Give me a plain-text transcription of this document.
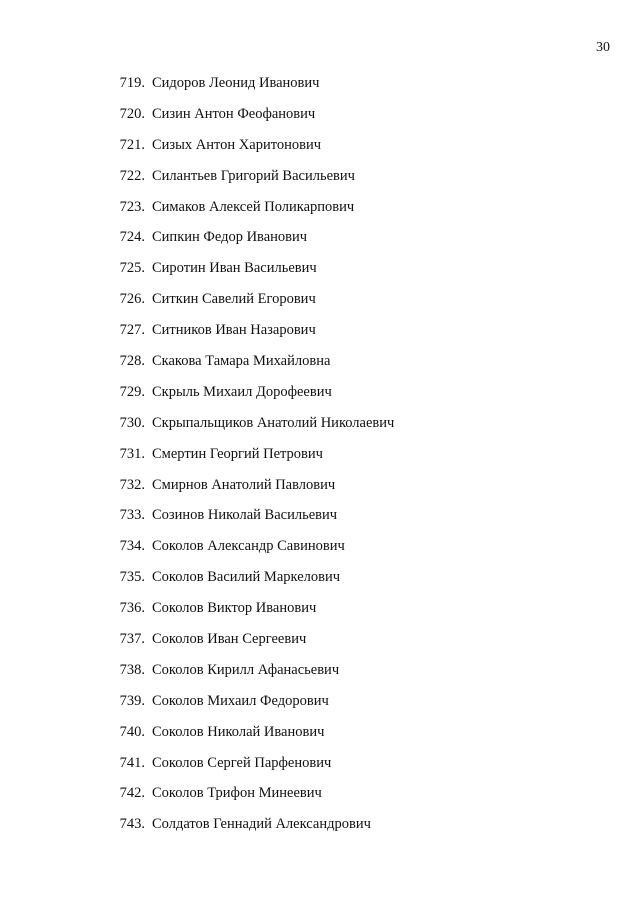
30
719. Сидоров Леонид Иванович
720. Сизин Антон Феофанович
721. Сизых Антон Харитонович
722. Силантьев Григорий Васильевич
723. Симаков Алексей Поликарпович
724. Сипкин Федор Иванович
725. Сиротин Иван Васильевич
726. Ситкин Савелий Егорович
727. Ситников Иван Назарович
728. Скакова Тамара Михайловна
729. Скрыль Михаил Дорофеевич
730. Скрыпальщиков Анатолий Николаевич
731. Смертин Георгий Петрович
732. Смирнов Анатолий Павлович
733. Созинов Николай Васильевич
734. Соколов Александр Савинович
735. Соколов Василий Маркелович
736. Соколов Виктор Иванович
737. Соколов Иван Сергеевич
738. Соколов Кирилл Афанасьевич
739. Соколов Михаил Федорович
740. Соколов Николай Иванович
741. Соколов Сергей Парфенович
742. Соколов Трифон Минеевич
743. Солдатов Геннадий Александрович
